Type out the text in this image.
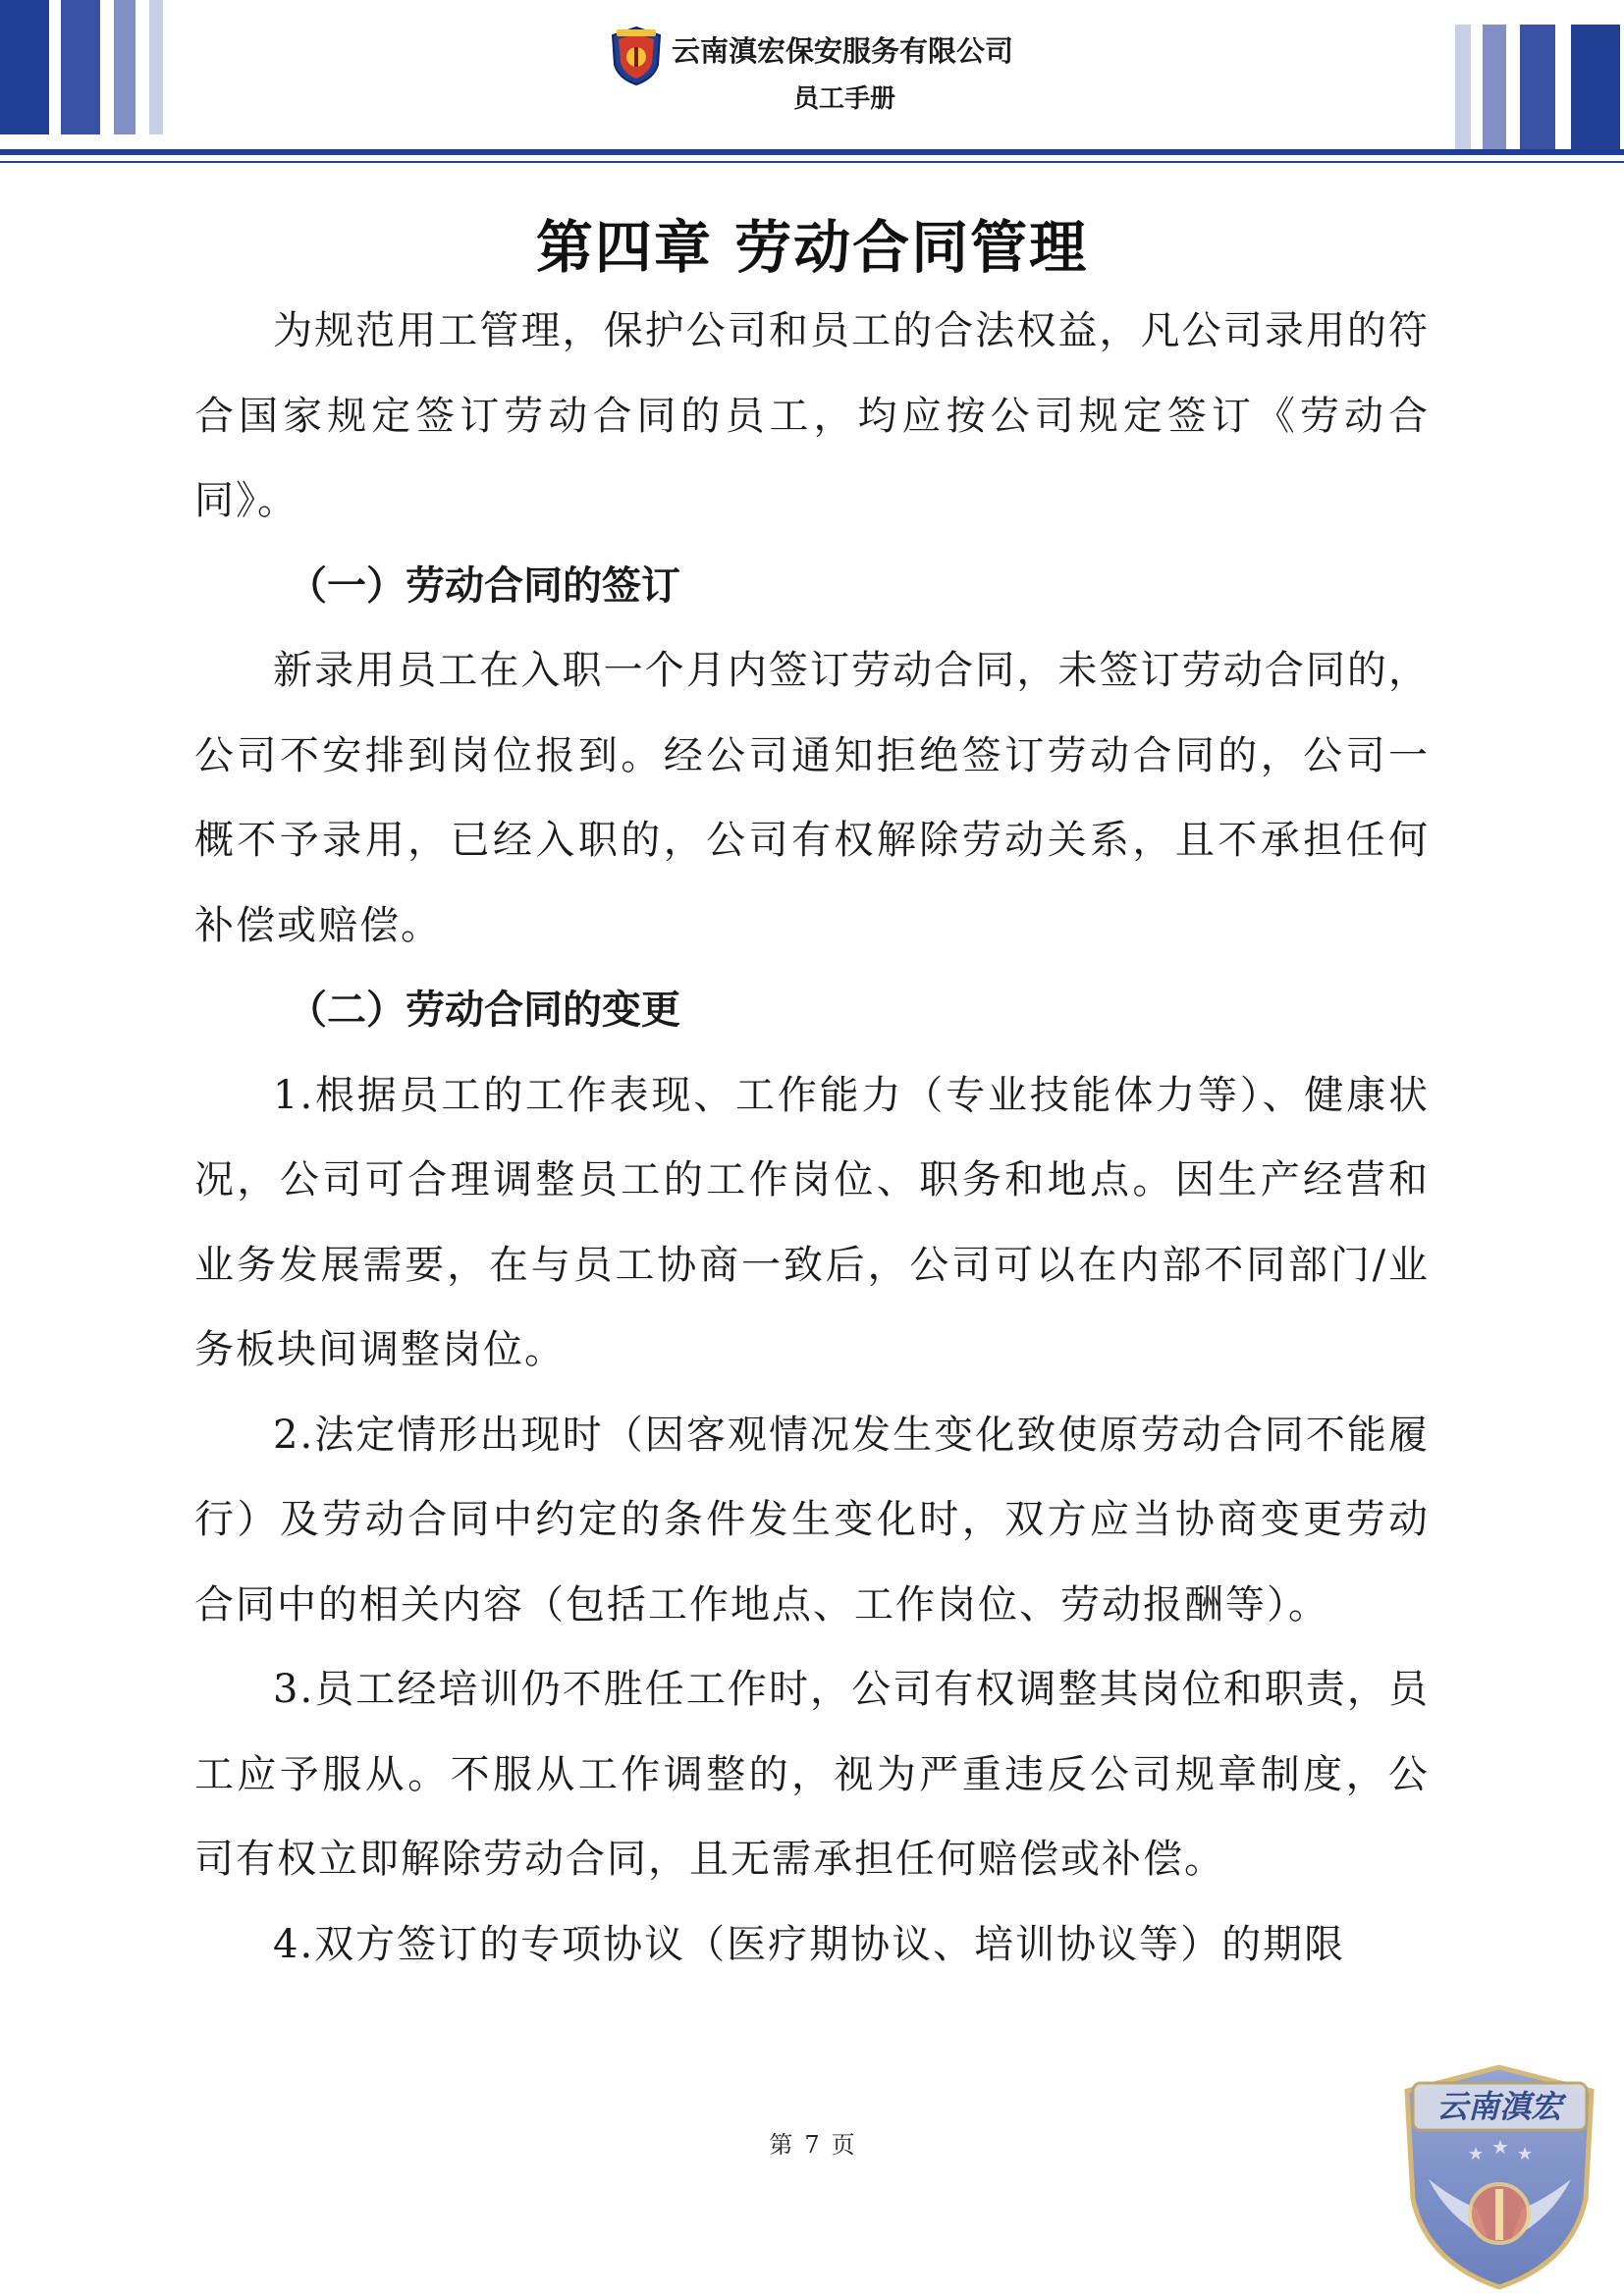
云南滇宏保安服务有限公司
员工手册
第四章 劳动合同管理

为规范用工管理，保护公司和员工的合法权益，凡公司录用的符合国家规定签订劳动合同的员工，均应按公司规定签订《劳动合同》。

（一）劳动合同的签订

新录用员工在入职一个月内签订劳动合同，未签订劳动合同的，公司不安排到岗位报到。经公司通知拒绝签订劳动合同的，公司一概不予录用，已经入职的，公司有权解除劳动关系，且不承担任何补偿或赔偿。

（二）劳动合同的变更

1.根据员工的工作表现、工作能力（专业技能体力等）、健康状况，公司可合理调整员工的工作岗位、职务和地点。因生产经营和业务发展需要，在与员工协商一致后，公司可以在内部不同部门/业务板块间调整岗位。

2.法定情形出现时（因客观情况发生变化致使原劳动合同不能履行）及劳动合同中约定的条件发生变化时，双方应当协商变更劳动合同中的相关内容（包括工作地点、工作岗位、劳动报酬等）。

3.员工经培训仍不胜任工作时，公司有权调整其岗位和职责，员工应予服从。不服从工作调整的，视为严重违反公司规章制度，公司有权立即解除劳动合同，且无需承担任何赔偿或补偿。

4.双方签订的专项协议（医疗期协议、培训协议等）的期限

第 7 页
云南滇宏
★ ★ ★
